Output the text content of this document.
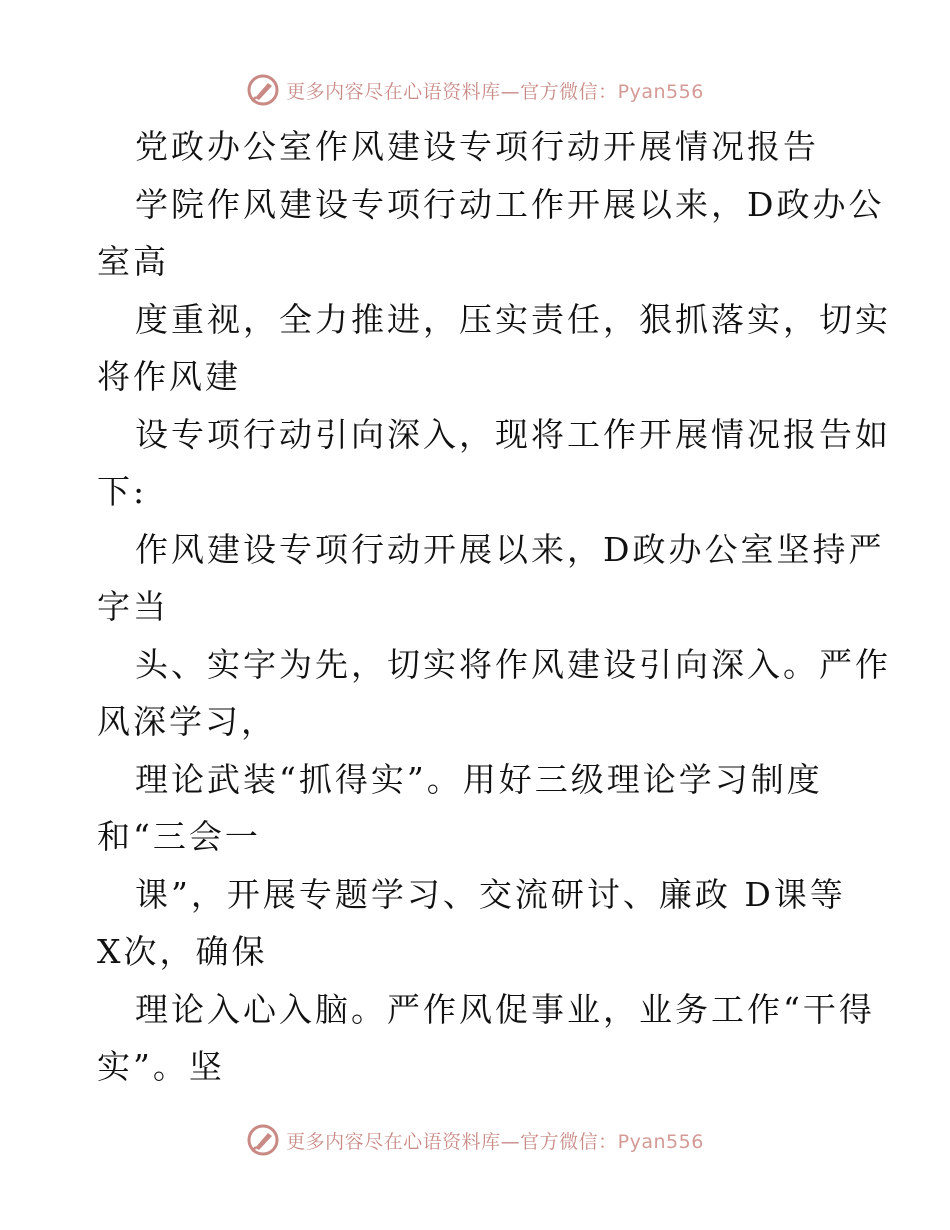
更多内容尽在心语资料库—官方微信：Pyan556
党政办公室作风建设专项行动开展情况报告
学院作风建设专项行动工作开展以来，D政办公
室高
度重视，全力推进，压实责任，狠抓落实，切实
将作风建
设专项行动引向深入，现将工作开展情况报告如
下:
作风建设专项行动开展以来，D政办公室坚持严
字当
头、实字为先，切实将作风建设引向深入。严作
风深学习，
理论武装“抓得实”。用好三级理论学习制度
和“三会一
课”，开展专题学习、交流研讨、廉政 D课等
X次，确保
理论入心入脑。严作风促事业，业务工作“干得
实”。坚
更多内容尽在心语资料库—官方微信：Pyan556
